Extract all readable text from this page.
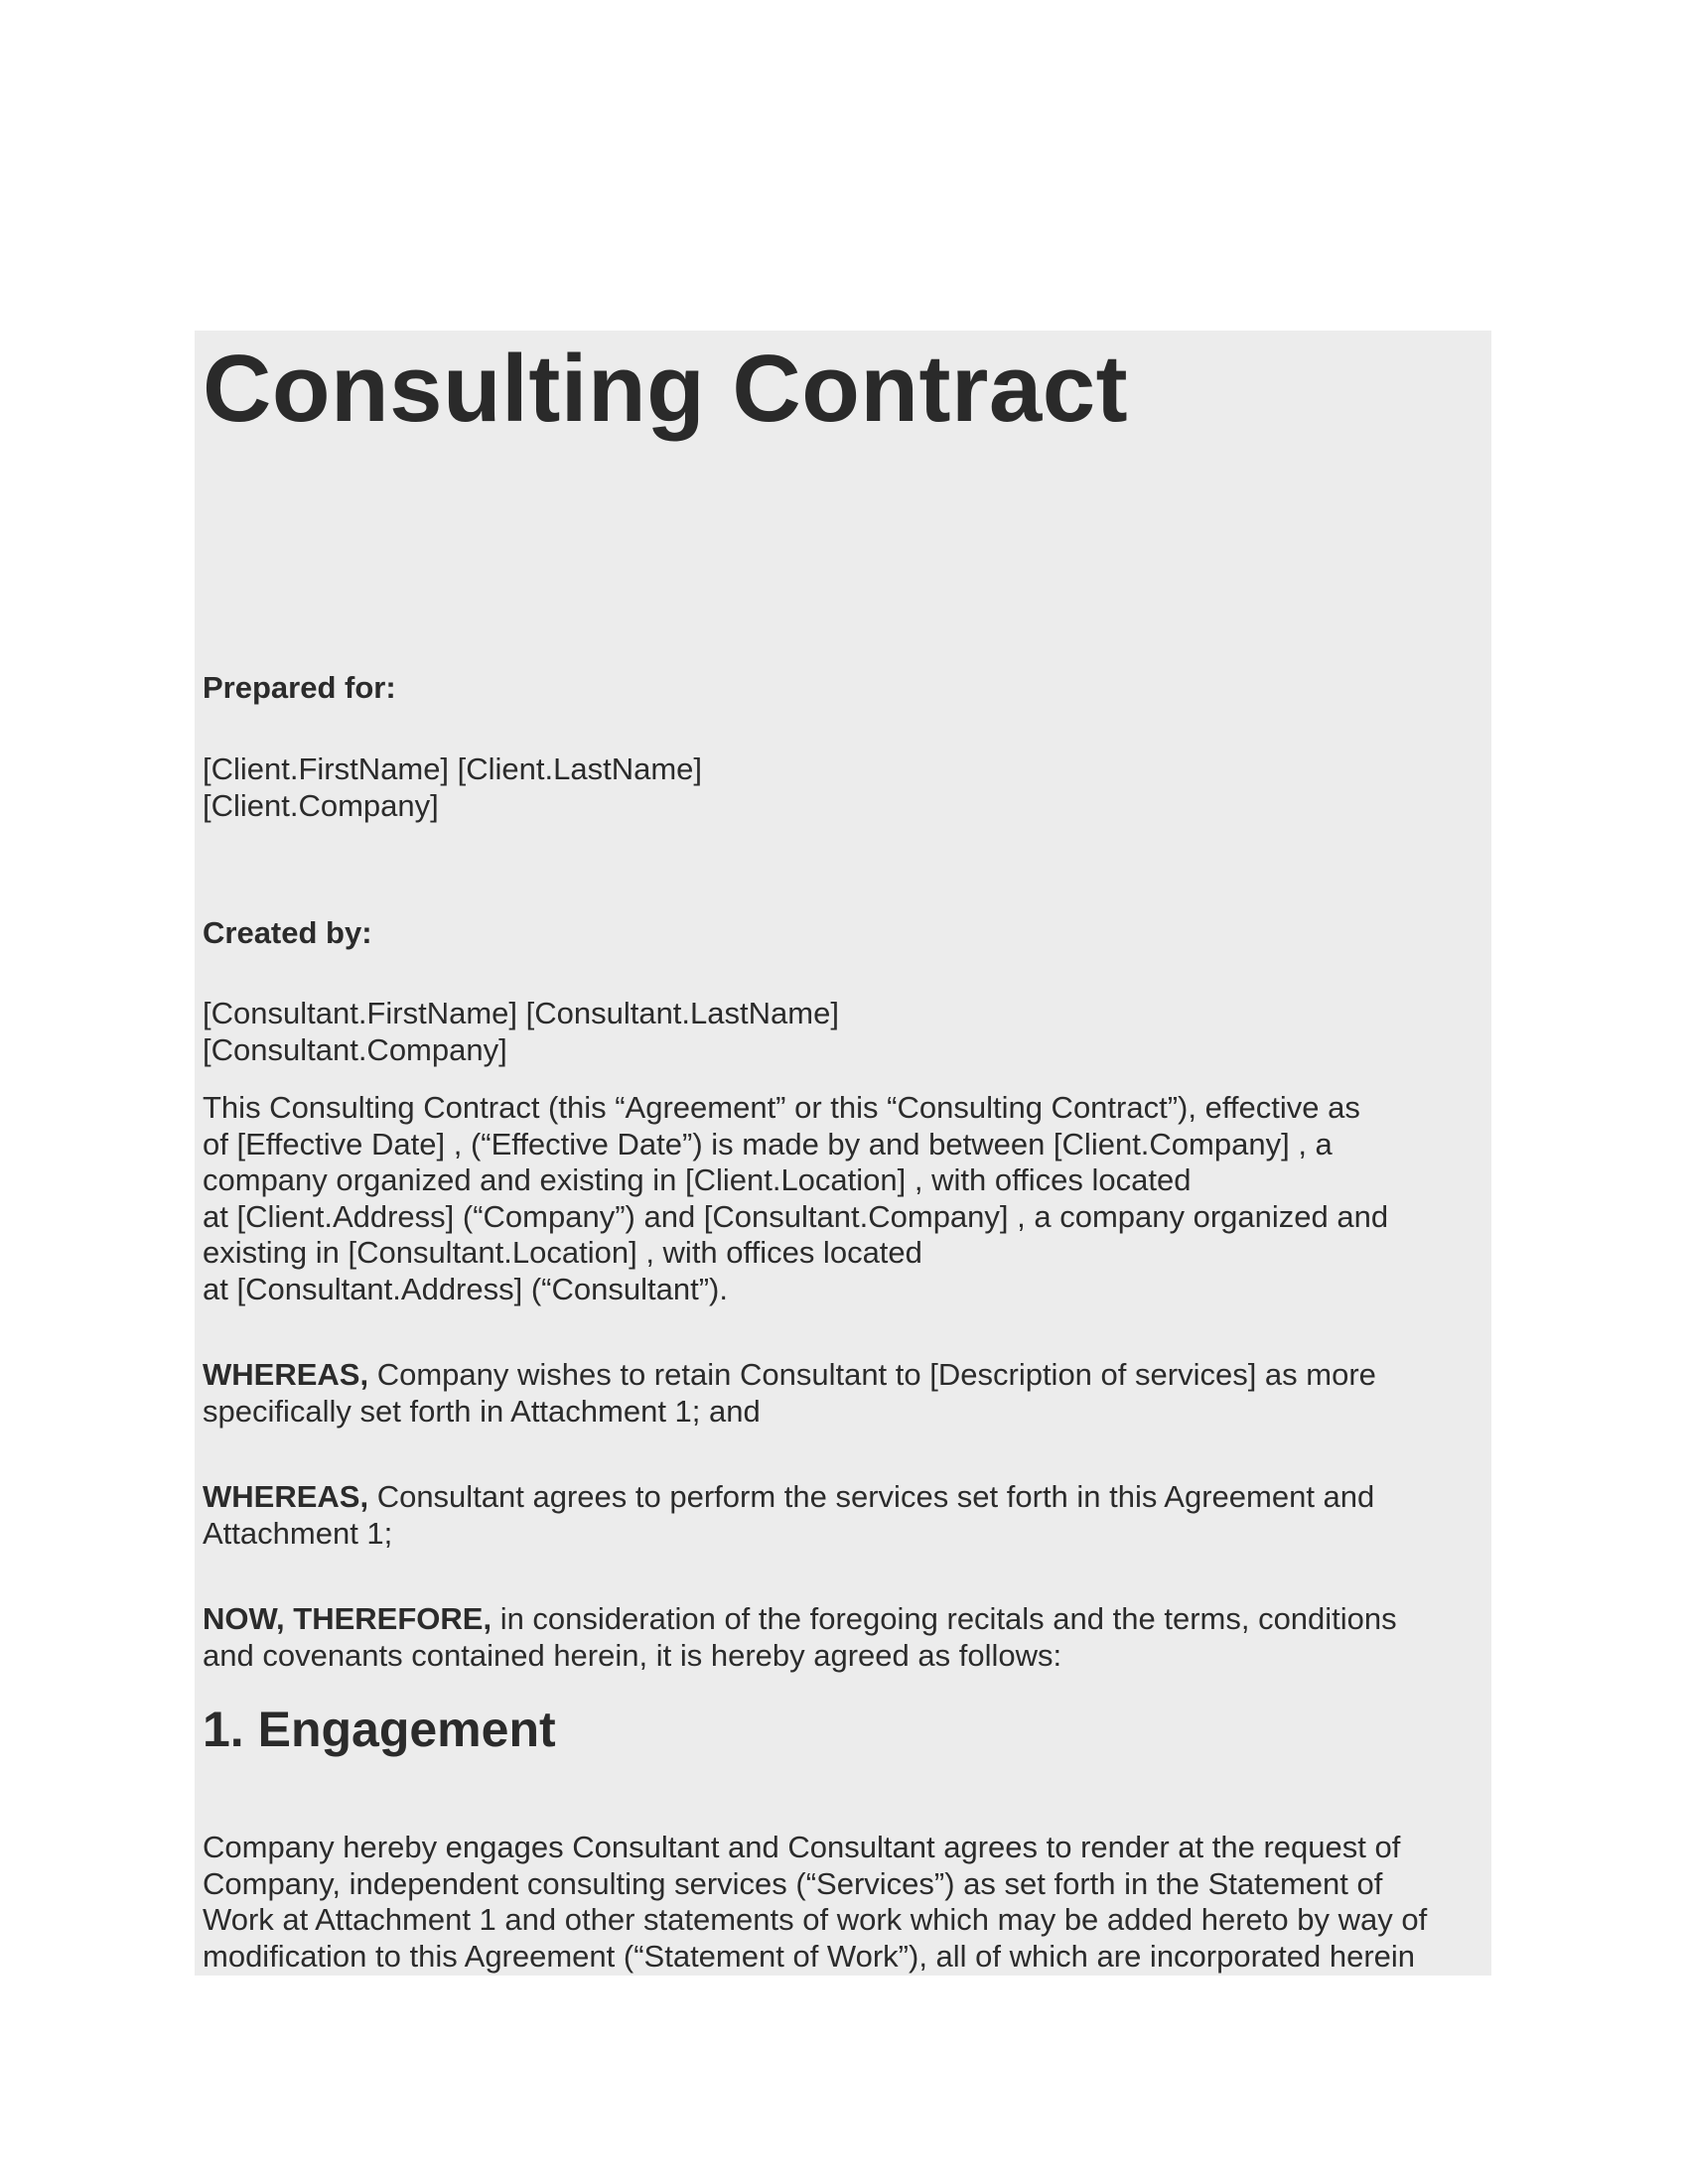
Consulting Contract
Prepared for:
[Client.FirstName] [Client.LastName]
[Client.Company]
Created by:
[Consultant.FirstName] [Consultant.LastName]
[Consultant.Company]
This Consulting Contract (this “Agreement” or this “Consulting Contract”), effective as
of [Effective Date] , (“Effective Date”) is made by and between [Client.Company] , a
company organized and existing in [Client.Location] , with offices located
at [Client.Address] (“Company”) and [Consultant.Company] , a company organized and
existing in [Consultant.Location] , with offices located
at [Consultant.Address] (“Consultant”).
WHEREAS, Company wishes to retain Consultant to [Description of services] as more
specifically set forth in Attachment 1; and
WHEREAS, Consultant agrees to perform the services set forth in this Agreement and
Attachment 1;
NOW, THEREFORE, in consideration of the foregoing recitals and the terms, conditions
and covenants contained herein, it is hereby agreed as follows:
1. Engagement
Company hereby engages Consultant and Consultant agrees to render at the request of
Company, independent consulting services (“Services”) as set forth in the Statement of
Work at Attachment 1 and other statements of work which may be added hereto by way of
modification to this Agreement (“Statement of Work”), all of which are incorporated herein
